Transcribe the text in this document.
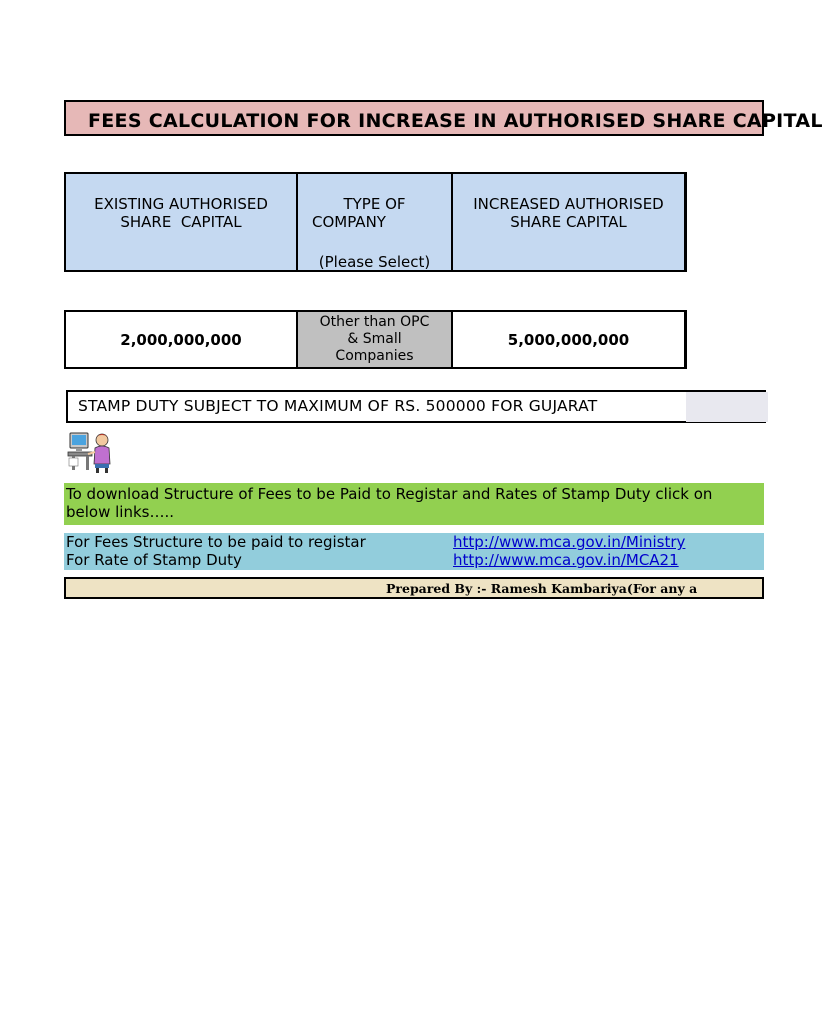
FEES CALCULATION FOR INCREASE IN AUTHORISED SHARE CAPITAL
EXISTING AUTHORISED
SHARE  CAPITAL
TYPE OF
COMPANY
(Please Select)
INCREASED AUTHORISED
SHARE CAPITAL
2,000,000,000
Other than OPC
& Small
Companies
5,000,000,000
STAMP DUTY SUBJECT TO MAXIMUM OF RS. 500000 FOR GUJARAT
To download Structure of Fees to be Paid to Registar and Rates of Stamp Duty click on
below links…..
For Fees Structure to be paid to registar	http://www.mca.gov.in/Ministry
For Rate of Stamp Duty	http://www.mca.gov.in/MCA21
Prepared By :- Ramesh Kambariya(For any a
